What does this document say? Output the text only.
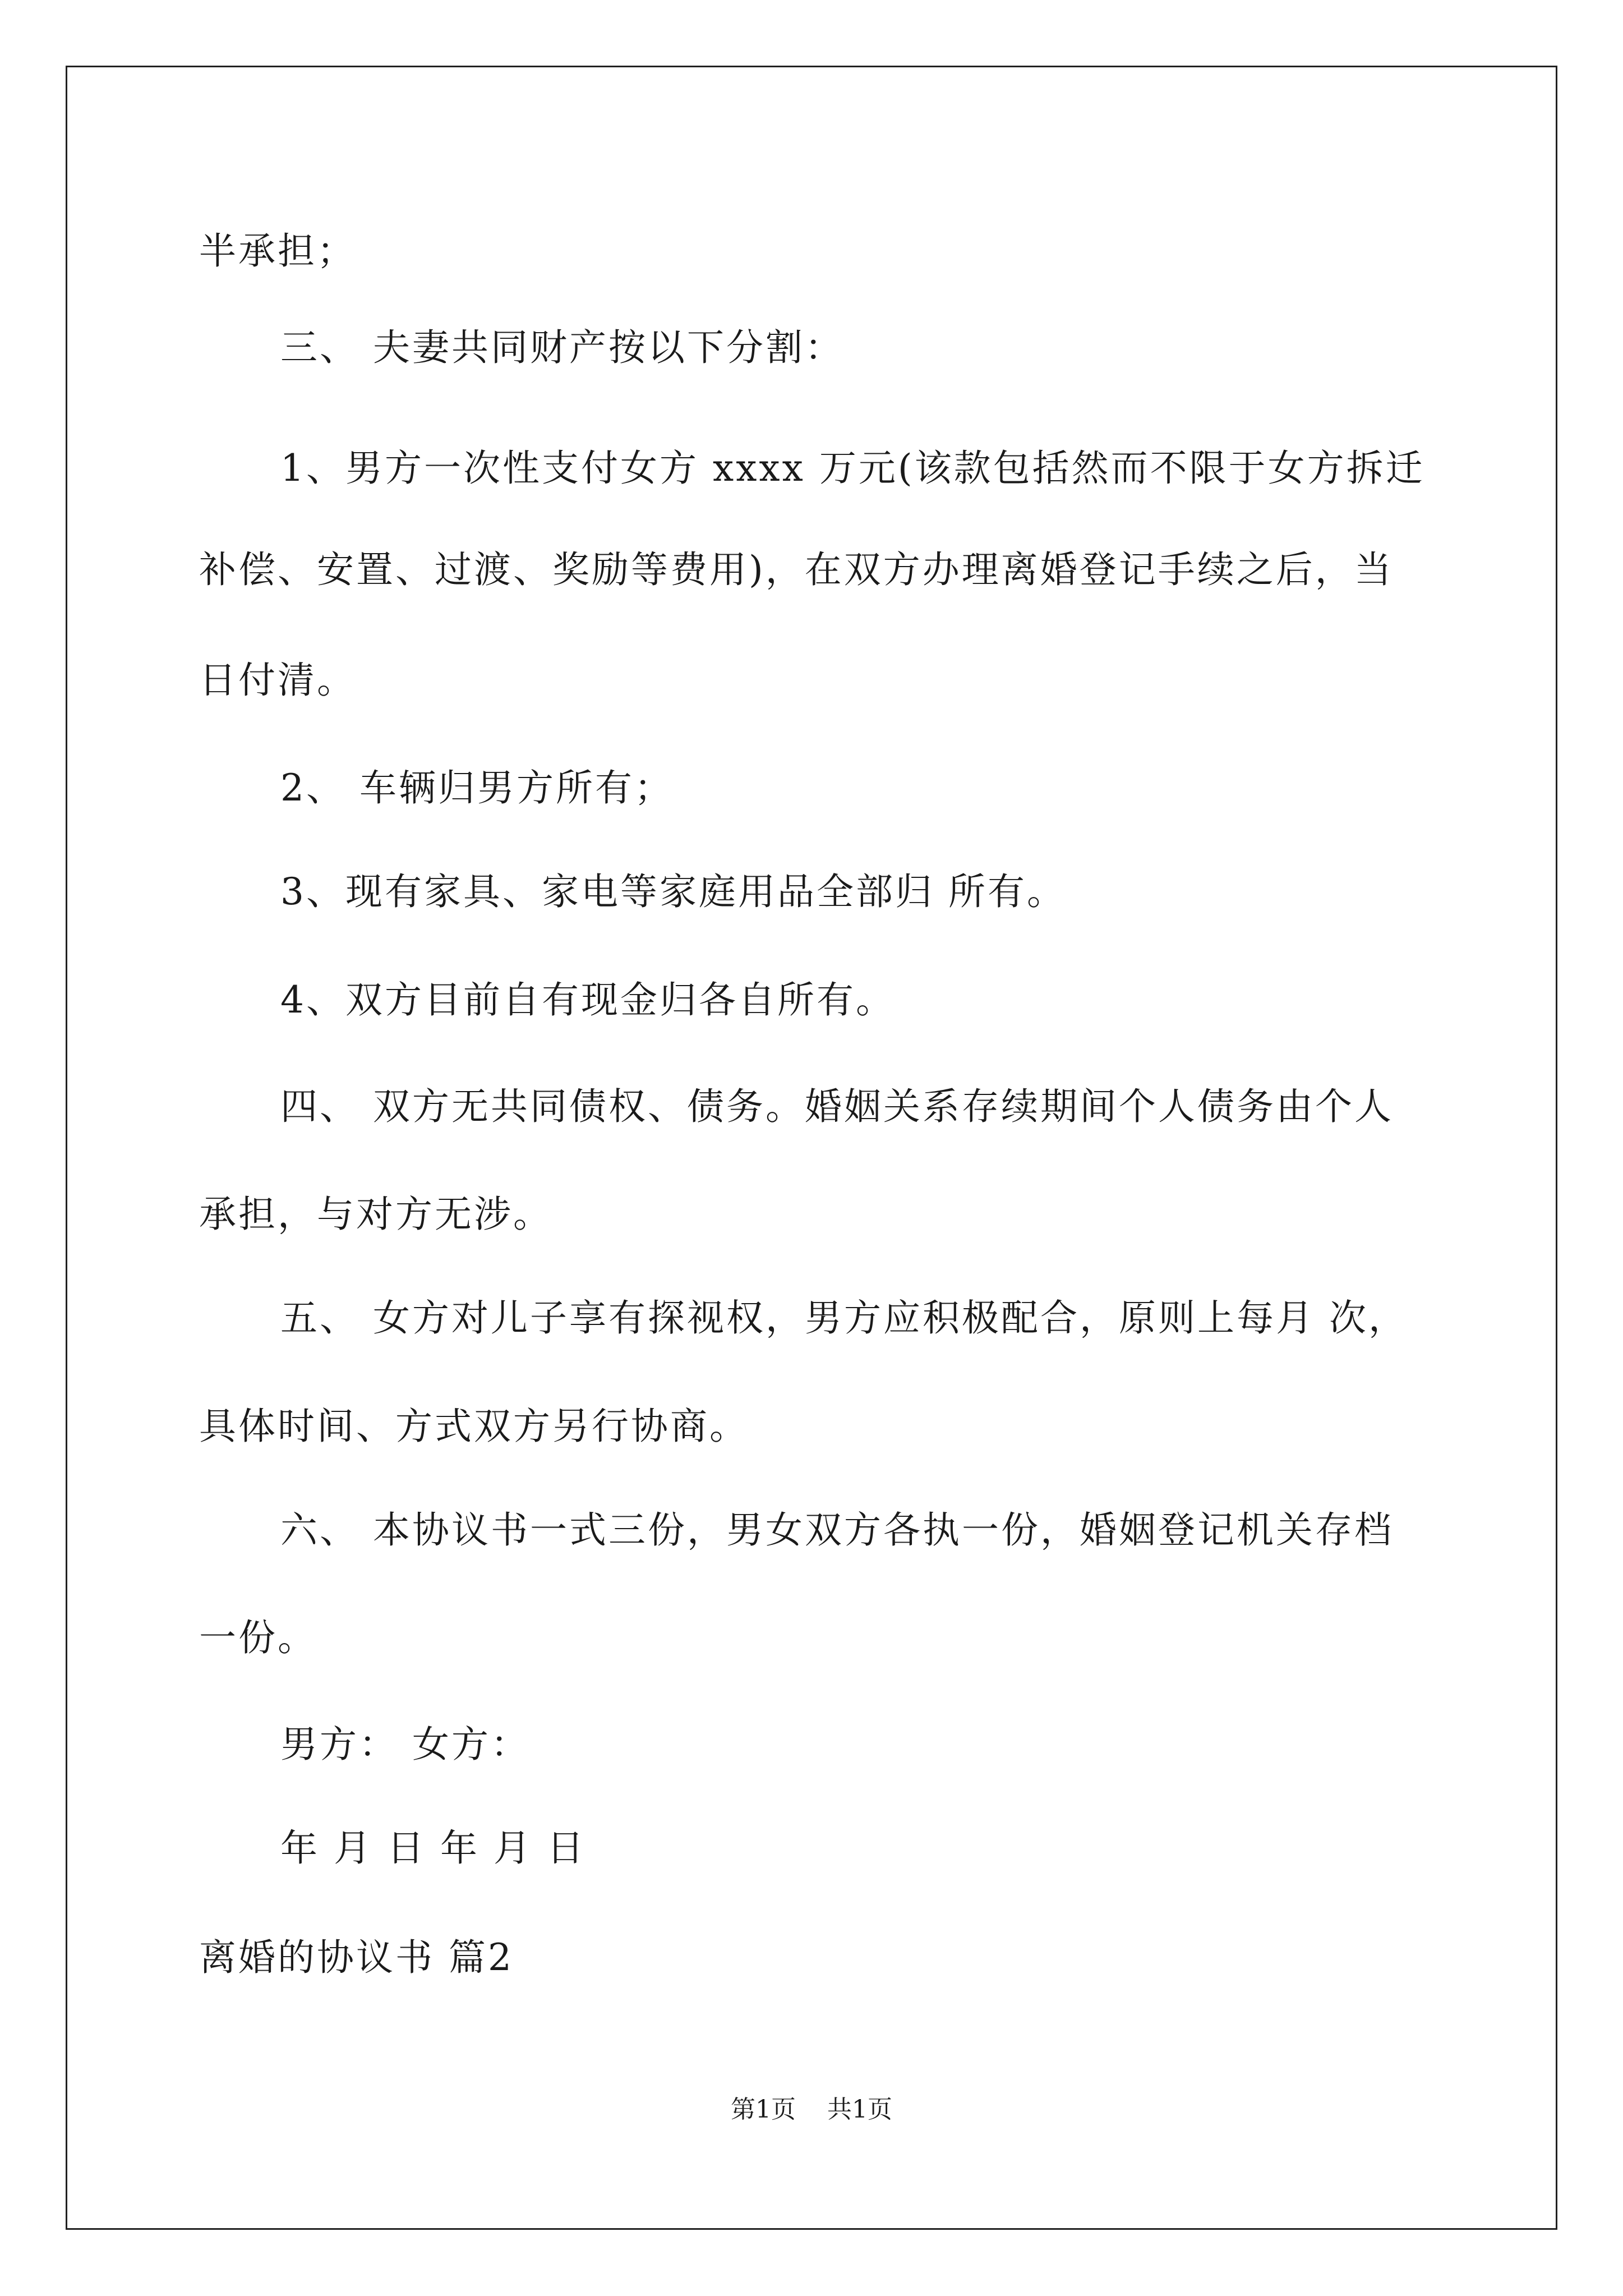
半承担；
三、 夫妻共同财产按以下分割：
1、男方一次性支付女方 xxxx 万元(该款包括然而不限于女方拆迁
补偿、安置、过渡、奖励等费用)，在双方办理离婚登记手续之后，当
日付清。
2、 车辆归男方所有；
3、现有家具、家电等家庭用品全部归 所有。
4、双方目前自有现金归各自所有。
四、 双方无共同债权、债务。婚姻关系存续期间个人债务由个人
承担，与对方无涉。
五、 女方对儿子享有探视权，男方应积极配合，原则上每月 次，
具体时间、方式双方另行协商。
六、 本协议书一式三份，男女双方各执一份，婚姻登记机关存档
一份。
男方： 女方：
年 月 日 年 月 日
离婚的协议书 篇2
第1页    共1页
